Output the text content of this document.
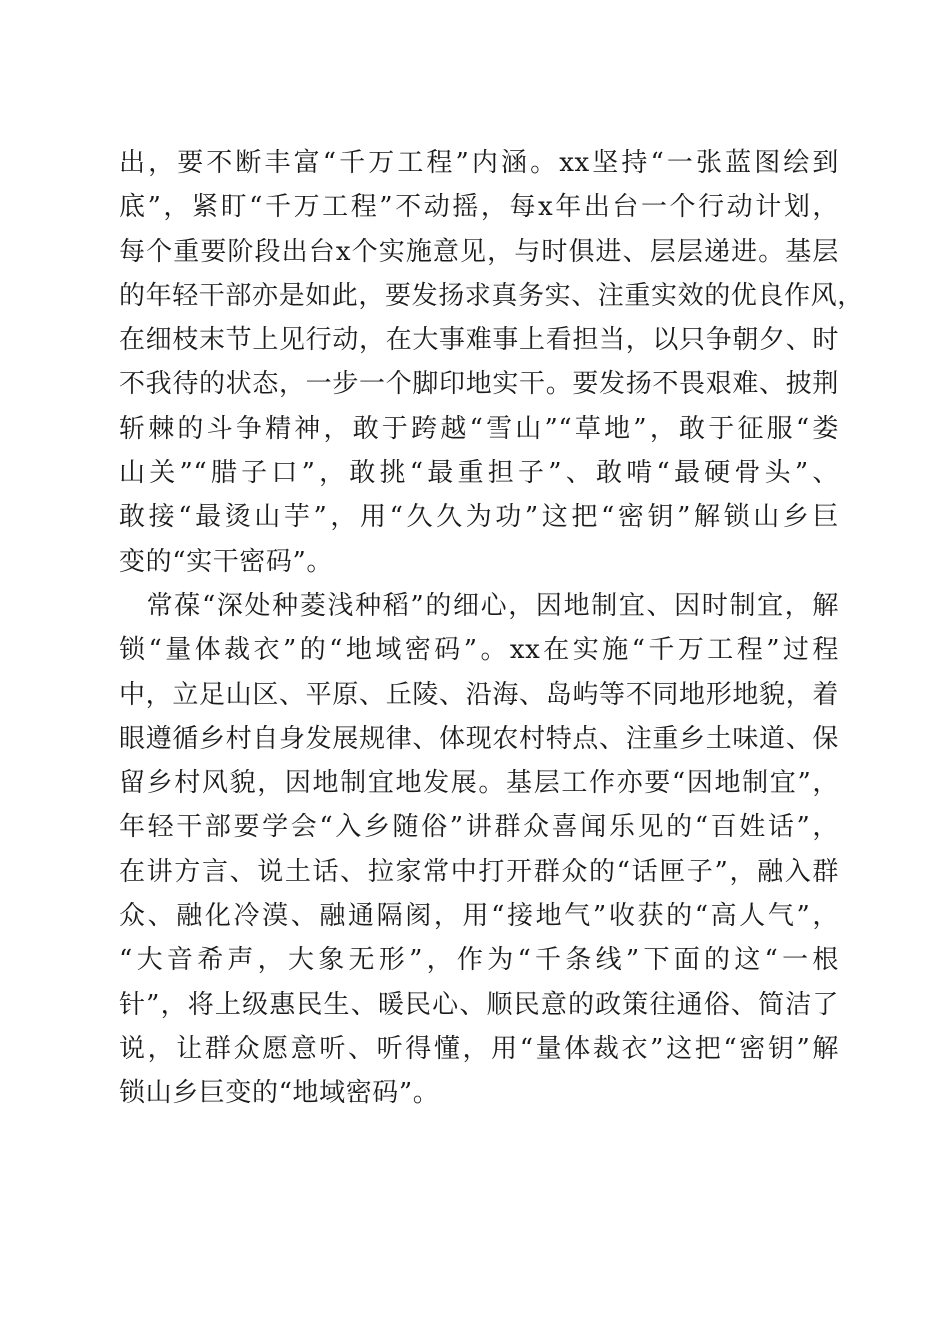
出，要不断丰富“千万工程”内涵。xx坚持“一张蓝图绘到
底”，紧盯“千万工程”不动摇，每x年出台一个行动计划，
每个重要阶段出台x个实施意见，与时俱进、层层递进。基层
的年轻干部亦是如此，要发扬求真务实、注重实效的优良作风，
在细枝末节上见行动，在大事难事上看担当，以只争朝夕、时
不我待的状态，一步一个脚印地实干。要发扬不畏艰难、披荆
斩棘的斗争精神，敢于跨越“雪山”“草地”，敢于征服“娄
山关”“腊子口”，敢挑“最重担子”、敢啃“最硬骨头”、
敢接“最烫山芋”，用“久久为功”这把“密钥”解锁山乡巨
变的“实干密码”。
　常葆“深处种菱浅种稻”的细心，因地制宜、因时制宜，解
锁“量体裁衣”的“地域密码”。xx在实施“千万工程”过程
中，立足山区、平原、丘陵、沿海、岛屿等不同地形地貌，着
眼遵循乡村自身发展规律、体现农村特点、注重乡土味道、保
留乡村风貌，因地制宜地发展。基层工作亦要“因地制宜”，
年轻干部要学会“入乡随俗”讲群众喜闻乐见的“百姓话”，
在讲方言、说土话、拉家常中打开群众的“话匣子”，融入群
众、融化冷漠、融通隔阂，用“接地气”收获的“高人气”，
“大音希声，大象无形”，作为“千条线”下面的这“一根
针”，将上级惠民生、暖民心、顺民意的政策往通俗、简洁了
说，让群众愿意听、听得懂，用“量体裁衣”这把“密钥”解
锁山乡巨变的“地域密码”。
